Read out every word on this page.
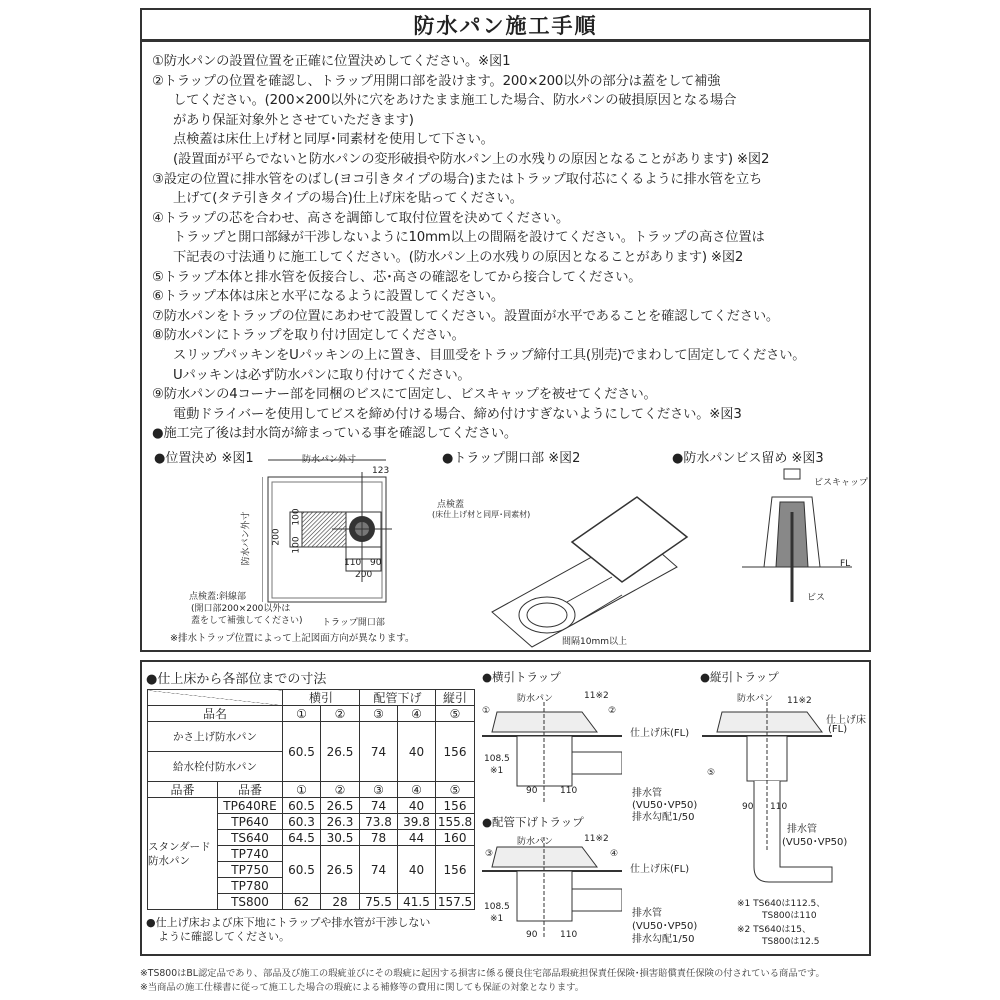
防水パン施工手順
①防水パンの設置位置を正確に位置決めしてください。※図1
②トラップの位置を確認し、トラップ用開口部を設けます。200×200以外の部分は蓋をして補強
してください。(200×200以外に穴をあけたまま施工した場合、防水パンの破損原因となる場合
があり保証対象外とさせていただきます)
点検蓋は床仕上げ材と同厚･同素材を使用して下さい。
(設置面が平らでないと防水パンの変形破損や防水パン上の水残りの原因となることがあります) ※図2
③設定の位置に排水管をのばし(ヨコ引きタイプの場合)またはトラップ取付芯にくるように排水管を立ち
上げて(タテ引きタイプの場合)仕上げ床を貼ってください。
④トラップの芯を合わせ、高さを調節して取付位置を決めてください。
トラップと開口部縁が干渉しないように10mm以上の間隔を設けてください。トラップの高さ位置は
下記表の寸法通りに施工してください。(防水パン上の水残りの原因となることがあります) ※図2
⑤トラップ本体と排水管を仮接合し、芯･高さの確認をしてから接合してください。
⑥トラップ本体は床と水平になるように設置してください。
⑦防水パンをトラップの位置にあわせて設置してください。設置面が水平であることを確認してください。
⑧防水パンにトラップを取り付け固定してください。
スリップパッキンをUパッキンの上に置き、目皿受をトラップ締付工具(別売)でまわして固定してください。
Uパッキンは必ず防水パンに取り付けてください。
⑨防水パンの4コーナー部を同梱のビスにて固定し、ビスキャップを被せてください。
電動ドライバーを使用してビスを締め付ける場合、締め付けすぎないようにしてください。※図3
●施工完了後は封水筒が締まっている事を確認してください。
●位置決め ※図1	防水パン外寸
123
防水パン外寸 200
100
100
110 90
200
点検蓋:斜線部
(開口部200×200以外は
蓋をして補強してください) トラップ開口部
※排水トラップ位置によって上記図面方向が異なります。
●トラップ開口部 ※図2
点検蓋
(床仕上げ材と同厚･同素材)
間隔10mm以上
●防水パンビス留め ※図3
ビスキャップ
FL
ビス
●仕上床から各部位までの寸法
		横引		配管下げ		縦引
品名		①	②	③	④	⑤
かさ上げ防水パン		60.5	26.5	74	40	156
給水栓付防水パン						
品番	品番	①	②	③	④	⑤
スタンダード防水パン	TP640RE	60.5	26.5	74	40	156
	TP640	60.3	26.3	73.8	39.8	155.8
	TS640	64.5	30.5	78	44	160
	TP740	60.5	26.5	74	40	156
	TP750					
	TP780					
	TS800	62	28	75.5	41.5	157.5
●仕上げ床および床下地にトラップや排水管が干渉しない
ように確認してください。
●横引トラップ
●配管下げトラップ
●縦引トラップ
防水パン	11※2
①	②
仕上げ床(FL)
108.5
※1
90	110	排水管
(VU50･VP50)
排水勾配1/50
防水パン	11※2
③	④
仕上げ床(FL)
108.5
※1
90	110
排水管
(VU50･VP50)
排水勾配1/50
防水パン 11※2
仕上げ床
(FL)
⑤
90 110
排水管
(VU50･VP50)
※1 TS640は112.5、
TS800は110
※2 TS640は15、
TS800は12.5
※TS800はBL認定品であり、部品及び施工の瑕疵並びにその瑕疵に起因する損害に係る優良住宅部品瑕疵担保責任保険･損害賠償責任保険の付されている商品です。
※当商品の施工仕様書に従って施工した場合の瑕疵による補修等の費用に関しても保証の対象となります。
